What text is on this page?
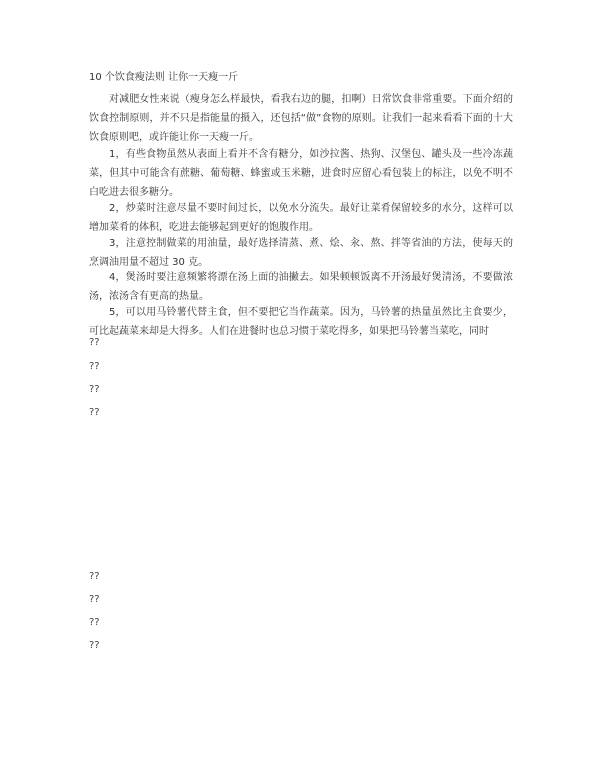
10 个饮食瘦法则 让你一天瘦一斤

对减肥女性来说（瘦身怎么样最快，看我右边的腿，扣啊）日常饮食非常重要。下面介绍的饮食控制原则，并不只是指能量的摄入，还包括“做”食物的原则。让我们一起来看看下面的十大饮食原则吧，或许能让你一天瘦一斤。

1，有些食物虽然从表面上看并不含有糖分，如沙拉酱、热狗、汉堡包、罐头及一些冷冻蔬菜，但其中可能含有蔗糖、葡萄糖、蜂蜜或玉米糖，进食时应留心看包装上的标注，以免不明不白吃进去很多糖分。

2，炒菜时注意尽量不要时间过长，以免水分流失。最好让菜肴保留较多的水分，这样可以增加菜肴的体积，吃进去能够起到更好的饱腹作用。

3，注意控制做菜的用油量，最好选择清蒸、煮、烩、汆、熬、拌等省油的方法，使每天的烹调油用量不超过 30 克。

4，煲汤时要注意频繁将漂在汤上面的油撇去。如果顿顿饭离不开汤最好煲清汤，不要做浓汤，浓汤含有更高的热量。

5，可以用马铃薯代替主食，但不要把它当作蔬菜。因为，马铃薯的热量虽然比主食要少，可比起蔬菜来却是大得多。人们在进餐时也总习惯于菜吃得多，如果把马铃薯当菜吃，同时

??
??
??
??
??
??
??
??
